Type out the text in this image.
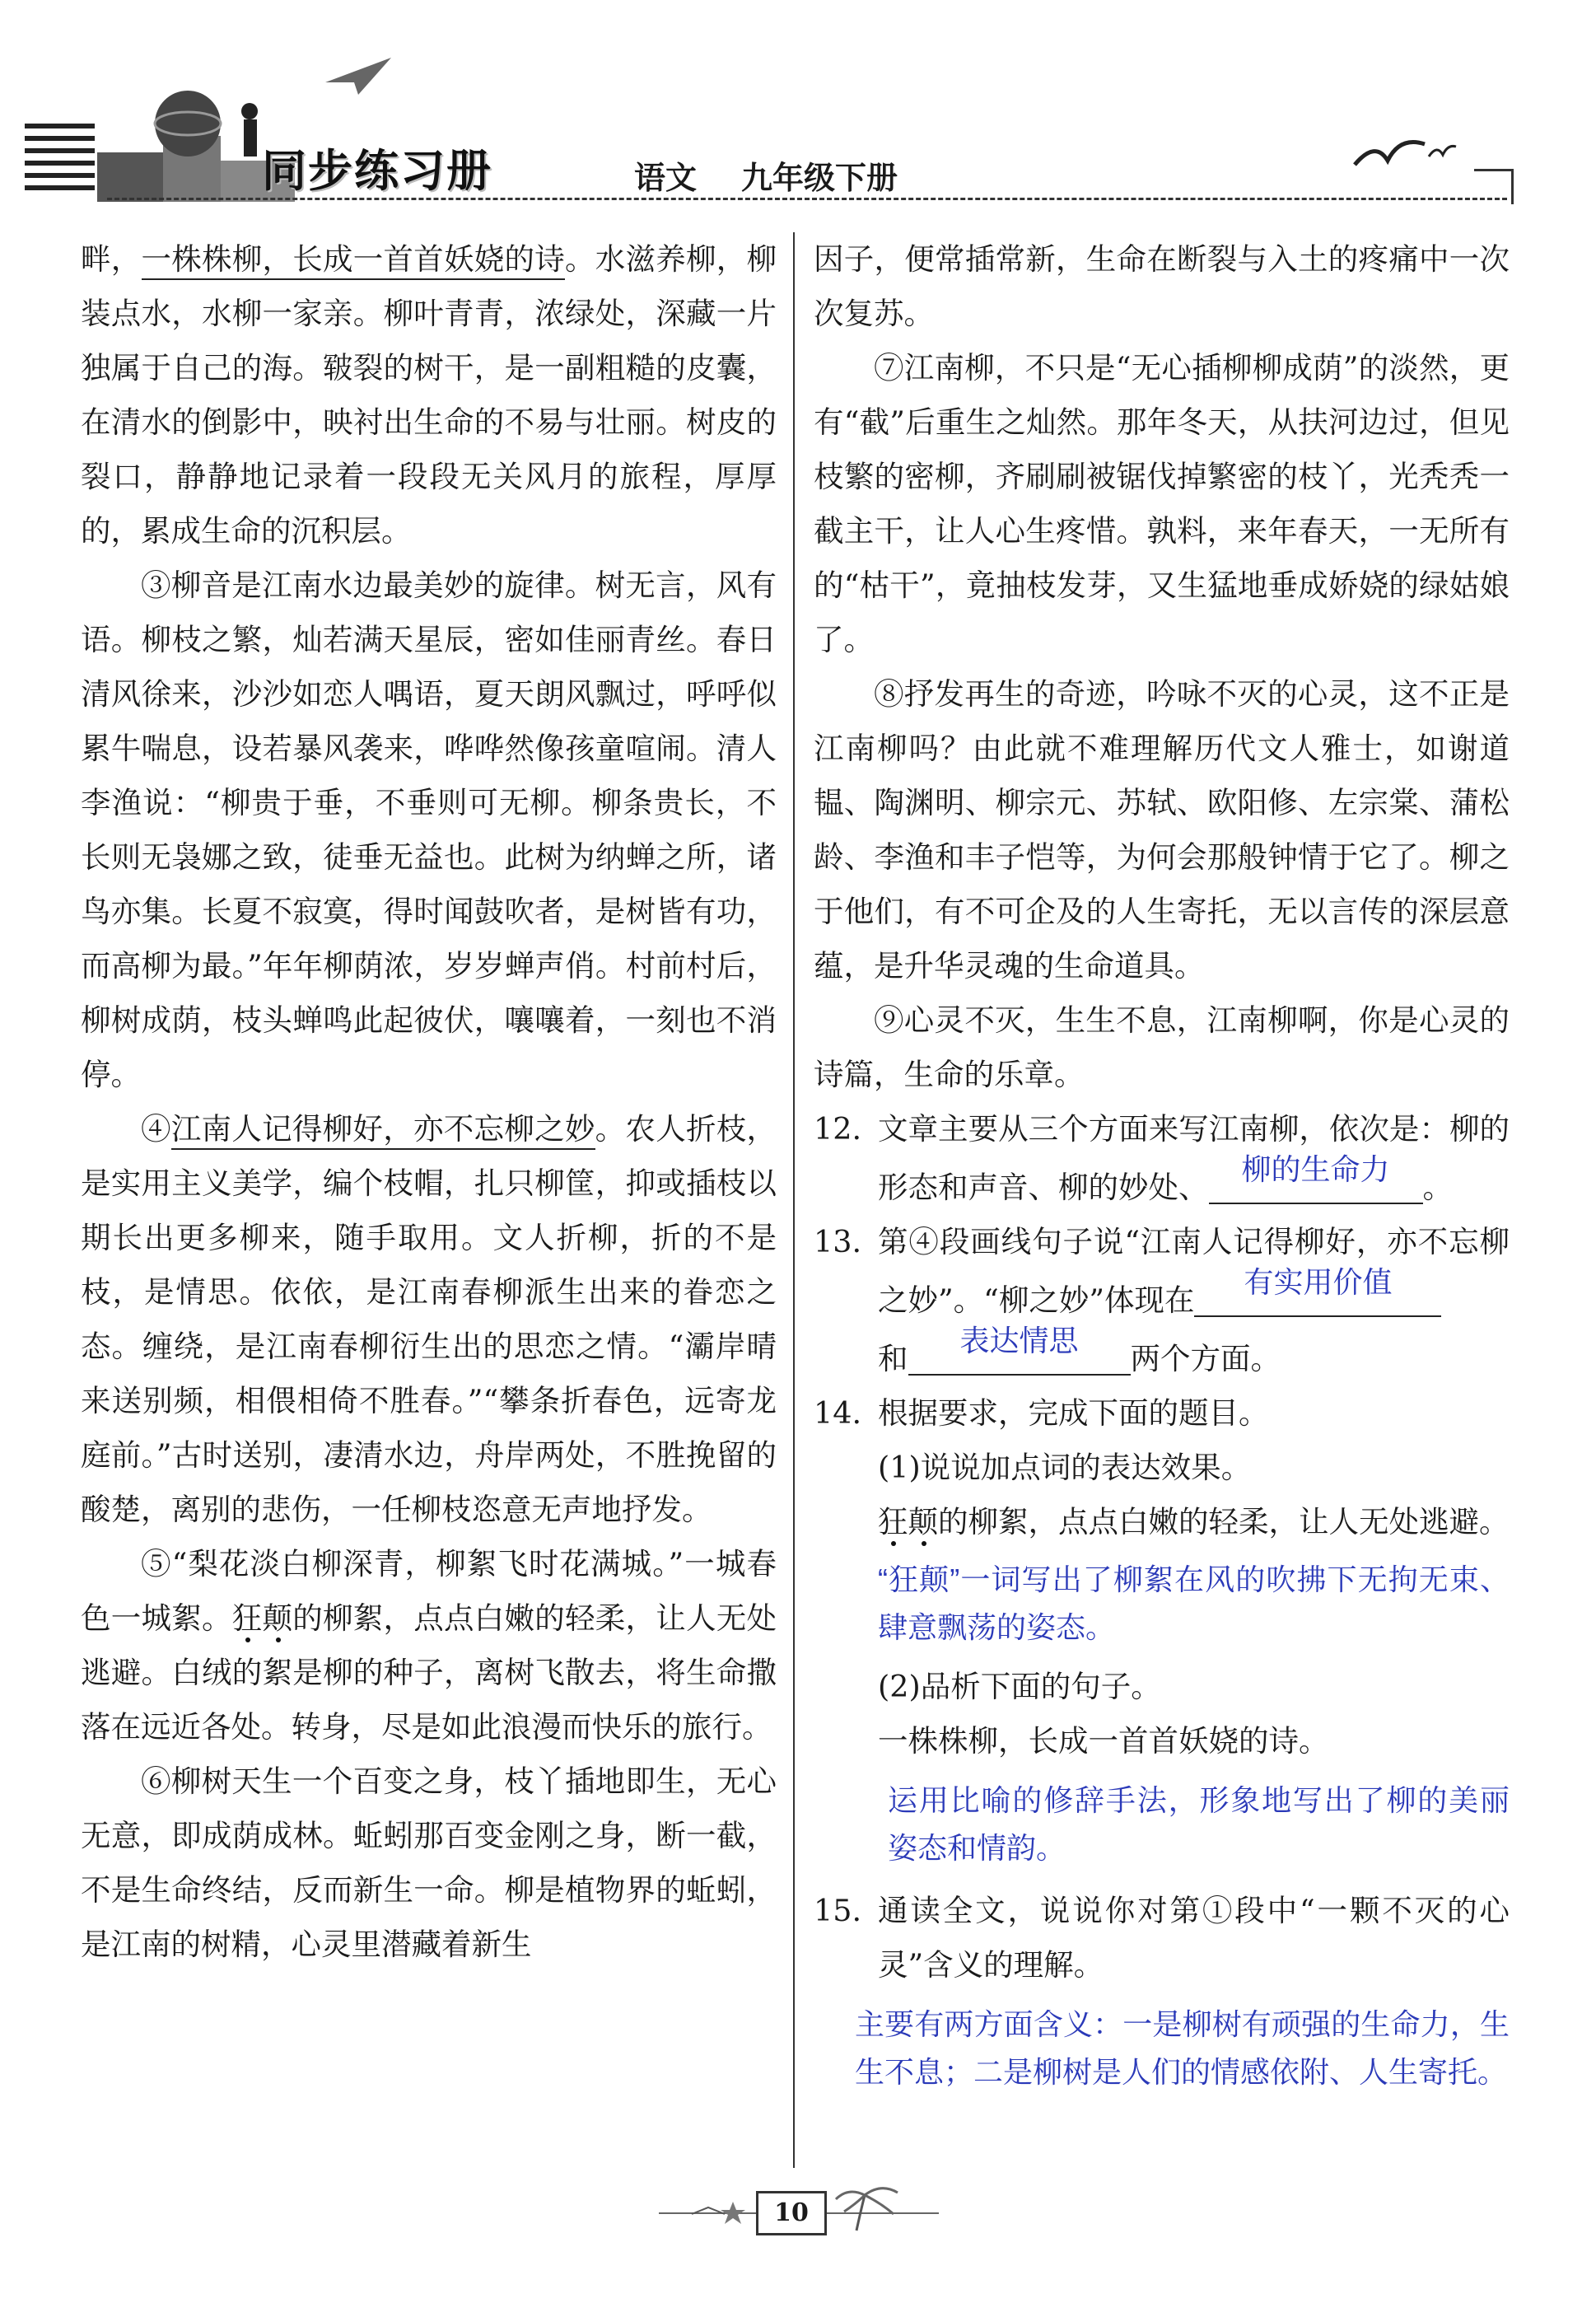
同步练习册	语文 九年级下册

畔，一株株柳，长成一首首妖娆的诗。水滋养柳，柳装点水，水柳一家亲。柳叶青青，浓绿处，深藏一片独属于自己的海。皲裂的树干，是一副粗糙的皮囊，在清水的倒影中，映衬出生命的不易与壮丽。树皮的裂口，静静地记录着一段段无关风月的旅程，厚厚的，累成生命的沉积层。

③柳音是江南水边最美妙的旋律。树无言，风有语。柳枝之繁，灿若满天星辰，密如佳丽青丝。春日清风徐来，沙沙如恋人喁语，夏天朗风飘过，呼呼似累牛喘息，设若暴风袭来，哗哗然像孩童喧闹。清人李渔说：“柳贵于垂，不垂则可无柳。柳条贵长，不长则无袅娜之致，徒垂无益也。此树为纳蝉之所，诸鸟亦集。长夏不寂寞，得时闻鼓吹者，是树皆有功，而高柳为最。”年年柳荫浓，岁岁蝉声俏。村前村后，柳树成荫，枝头蝉鸣此起彼伏，嚷嚷着，一刻也不消停。

④江南人记得柳好，亦不忘柳之妙。农人折枝，是实用主义美学，编个枝帽，扎只柳筐，抑或插枝以期长出更多柳来，随手取用。文人折柳，折的不是枝，是情思。依依，是江南春柳派生出来的眷恋之态。缠绕，是江南春柳衍生出的思恋之情。“灞岸晴来送别频，相偎相倚不胜春。”“攀条折春色，远寄龙庭前。”古时送别，凄清水边，舟岸两处，不胜挽留的酸楚，离别的悲伤，一任柳枝恣意无声地抒发。

⑤“梨花淡白柳深青，柳絮飞时花满城。”一城春色一城絮。狂颠的柳絮，点点白嫩的轻柔，让人无处逃避。白绒的絮是柳的种子，离树飞散去，将生命撒落在远近各处。转身，尽是如此浪漫而快乐的旅行。

⑥柳树天生一个百变之身，枝丫插地即生，无心无意，即成荫成林。蚯蚓那百变金刚之身，断一截，不是生命终结，反而新生一命。柳是植物界的蚯蚓，是江南的树精，心灵里潜藏着新生

因子，便常插常新，生命在断裂与入土的疼痛中一次次复苏。

⑦江南柳，不只是“无心插柳柳成荫”的淡然，更有“截”后重生之灿然。那年冬天，从扶河边过，但见枝繁的密柳，齐刷刷被锯伐掉繁密的枝丫，光秃秃一截主干，让人心生疼惜。孰料，来年春天，一无所有的“枯干”，竟抽枝发芽，又生猛地垂成娇娆的绿姑娘了。

⑧抒发再生的奇迹，吟咏不灭的心灵，这不正是江南柳吗？由此就不难理解历代文人雅士，如谢道韫、陶渊明、柳宗元、苏轼、欧阳修、左宗棠、蒲松龄、李渔和丰子恺等，为何会那般钟情于它了。柳之于他们，有不可企及的人生寄托，无以言传的深层意蕴，是升华灵魂的生命道具。

⑨心灵不灭，生生不息，江南柳啊，你是心灵的诗篇，生命的乐章。

12. 文章主要从三个方面来写江南柳，依次是：柳的形态和声音、柳的妙处、
柳的生命力
。

13. 第④段画线句子说“江南人记得柳好，亦不忘柳之妙”。“柳之妙”体现在
有实用价值

和
表达情思
两个方面。

14. 根据要求，完成下面的题目。

(1)说说加点词的表达效果。

狂颠的柳絮，点点白嫩的轻柔，让人无处逃避。

“狂颠”一词写出了柳絮在风的吹拂下无拘无束、肆意飘荡的姿态。

(2)品析下面的句子。

一株株柳，长成一首首妖娆的诗。

运用比喻的修辞手法，形象地写出了柳的美丽姿态和情韵。

15. 通读全文，说说你对第①段中“一颗不灭的心灵”含义的理解。

主要有两方面含义：一是柳树有顽强的生命力，生生不息；二是柳树是人们的情感依附、人生寄托。

10
